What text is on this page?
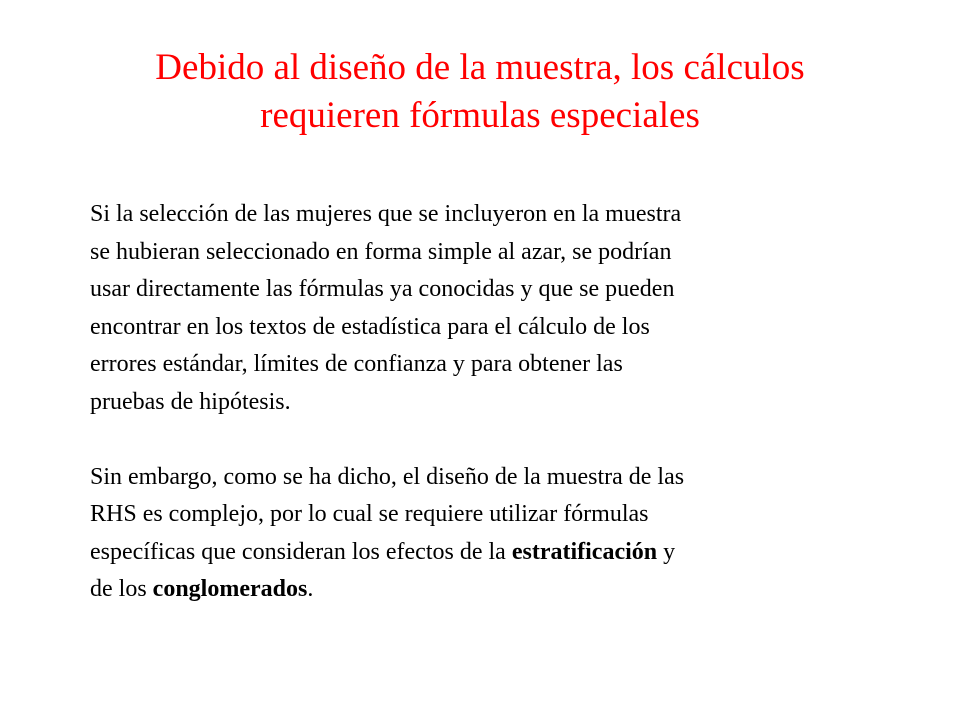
Debido al diseño de la muestra, los cálculos
requieren fórmulas especiales
Si la selección de las mujeres que se incluyeron en la muestra
se hubieran seleccionado en forma simple al azar, se podrían
usar directamente las fórmulas ya conocidas y que se pueden
encontrar en los textos de estadística para el cálculo de los
errores estándar, límites de confianza y para obtener las
pruebas de hipótesis.
Sin embargo, como se ha dicho, el diseño de la muestra de las
RHS es complejo, por lo cual se requiere utilizar fórmulas
específicas que consideran los efectos de la estratificación y
de los conglomerados.
